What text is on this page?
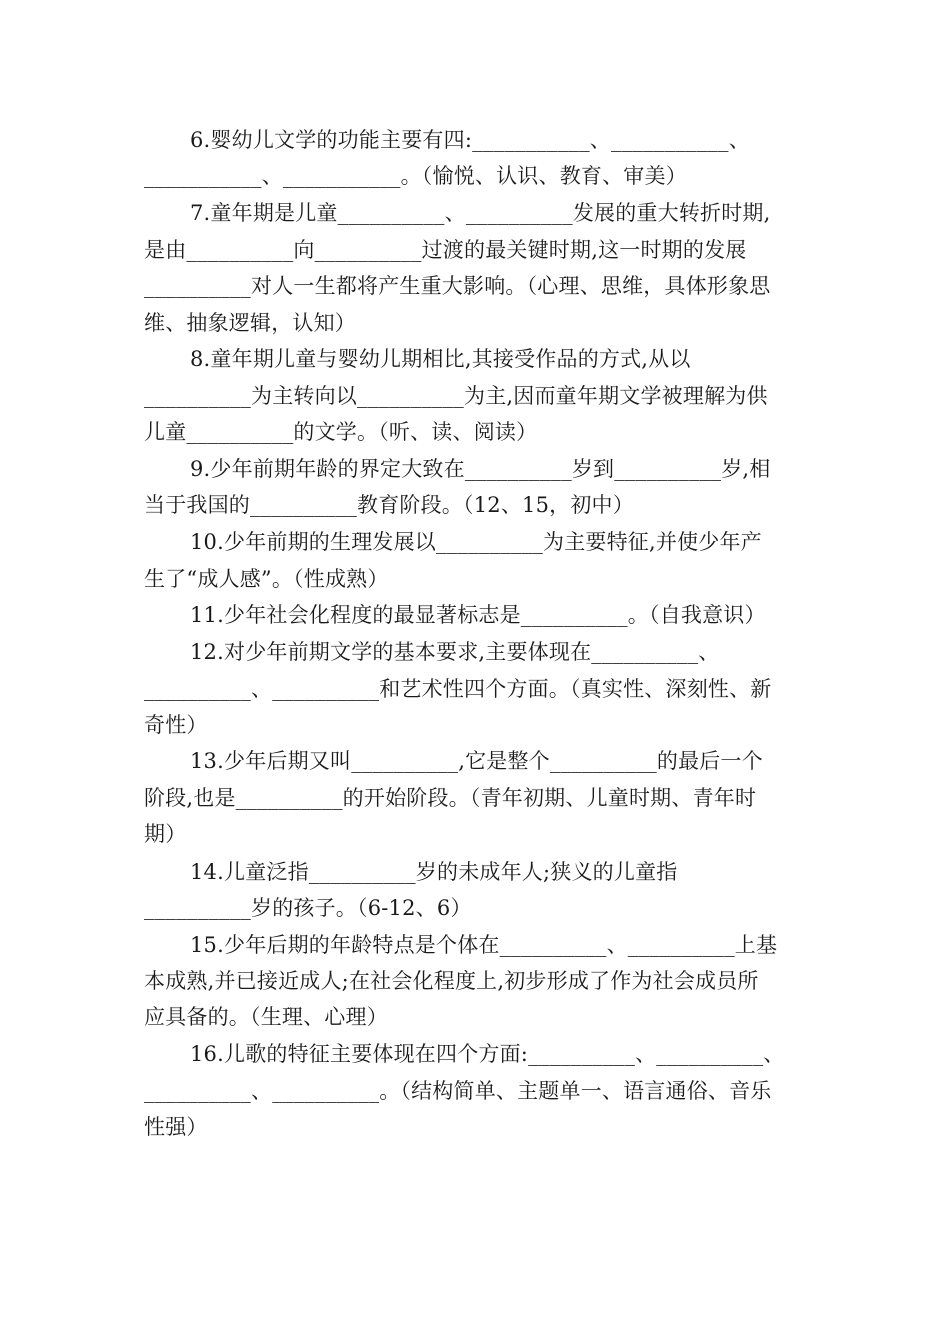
6.婴幼儿文学的功能主要有四:___________、___________、
___________、___________。（愉悦、认识、教育、审美）
7.童年期是儿童__________、__________发展的重大转折时期,
是由__________向__________过渡的最关键时期,这一时期的发展
__________对人一生都将产生重大影响。（心理、思维，具体形象思
维、抽象逻辑，认知）
8.童年期儿童与婴幼儿期相比,其接受作品的方式,从以
__________为主转向以__________为主,因而童年期文学被理解为供
儿童__________的文学。（听、读、阅读）
9.少年前期年龄的界定大致在__________岁到__________岁,相
当于我国的__________教育阶段。（12、15，初中）
10.少年前期的生理发展以__________为主要特征,并使少年产
生了“成人感”。（性成熟）
11.少年社会化程度的最显著标志是__________。（自我意识）
12.对少年前期文学的基本要求,主要体现在__________、
__________、__________和艺术性四个方面。（真实性、深刻性、新
奇性）
13.少年后期又叫__________,它是整个__________的最后一个
阶段,也是__________的开始阶段。（青年初期、儿童时期、青年时
期）
14.儿童泛指__________岁的未成年人;狭义的儿童指
__________岁的孩子。（6-12、6）
15.少年后期的年龄特点是个体在__________、__________上基
本成熟,并已接近成人;在社会化程度上,初步形成了作为社会成员所
应具备的。（生理、心理）
16.儿歌的特征主要体现在四个方面:__________、__________、
__________、__________。（结构简单、主题单一、语言通俗、音乐
性强）
